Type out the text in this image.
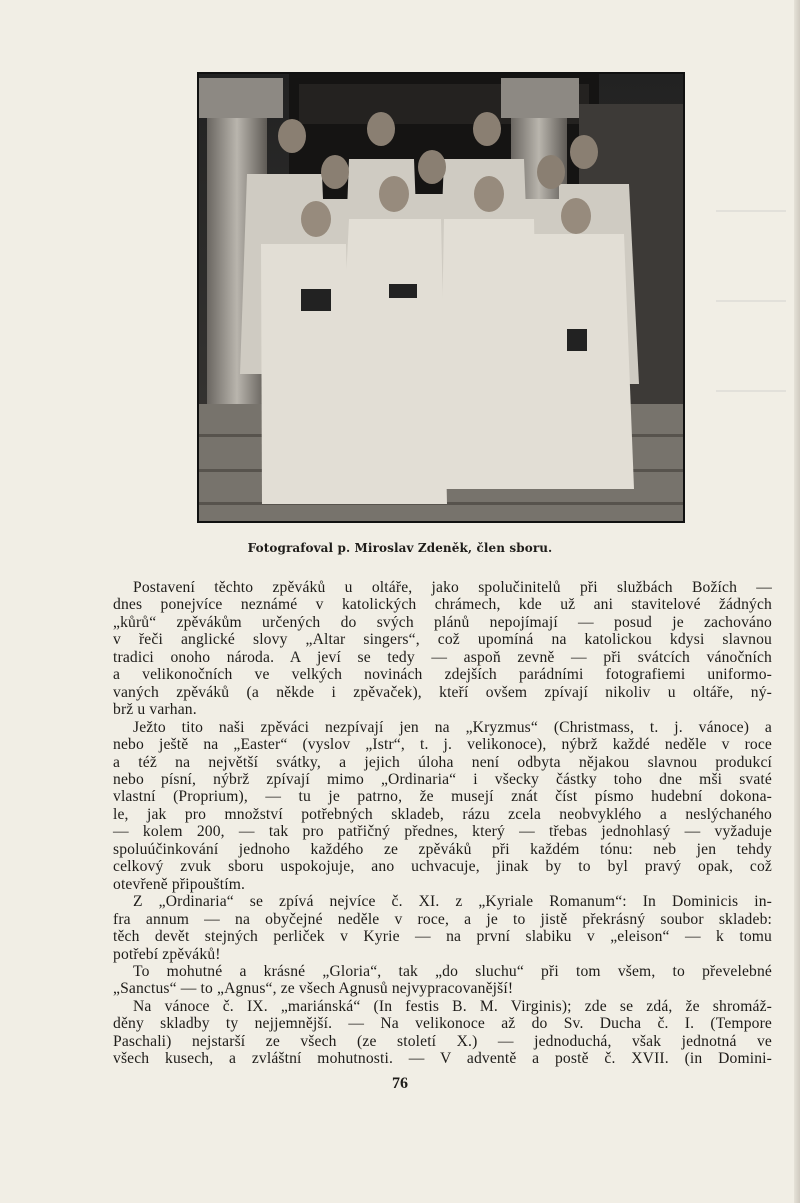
Fotografoval p. Miroslav Zdeněk, člen sboru.
Postavení těchto zpěváků u oltáře, jako spolučinitelů při službách Božích —
dnes ponejvíce neznámé v katolických chrámech, kde už ani stavitelové žádných
„kůrů“ zpěvákům určených do svých plánů nepojímají — posud je zachováno
v řeči anglické slovy „Altar singers“, což upomíná na katolickou kdysi slavnou
tradici onoho národa. A jeví se tedy — aspoň zevně — při svátcích vánočních
a velikonočních ve velkých novinách zdejších parádními fotografiemi uniformo-
vaných zpěváků (a někde i zpěvaček), kteří ovšem zpívají nikoliv u oltáře, ný-
brž u varhan.
Ježto tito naši zpěváci nezpívají jen na „Kryzmus“ (Christmass, t. j. vánoce) a
nebo ještě na „Easter“ (vyslov „Istr“, t. j. velikonoce), nýbrž každé neděle v roce
a též na největší svátky, a jejich úloha není odbyta nějakou slavnou produkcí
nebo písní, nýbrž zpívají mimo „Ordinaria“ i všecky částky toho dne mši svaté
vlastní (Proprium), — tu je patrno, že musejí znát číst písmo hudební dokona-
le, jak pro množství potřebných skladeb, rázu zcela neobvyklého a neslýchaného
— kolem 200, — tak pro patřičný přednes, který — třebas jednohlasý — vyžaduje
spoluúčinkování jednoho každého ze zpěváků při každém tónu: neb jen tehdy
celkový zvuk sboru uspokojuje, ano uchvacuje, jinak by to byl pravý opak, což
otevřeně připouštím.
Z „Ordinaria“ se zpívá nejvíce č. XI. z „Kyriale Romanum“: In Dominicis in-
fra annum — na obyčejné neděle v roce, a je to jistě překrásný soubor skladeb:
těch devět stejných perliček v Kyrie — na první slabiku v „eleison“ — k tomu
potřebí zpěváků!
To mohutné a krásné „Gloria“, tak „do sluchu“ při tom všem, to převelebné
„Sanctus“ — to „Agnus“, ze všech Agnusů nejvypracovanější!
Na vánoce č. IX. „mariánská“ (In festis B. M. Virginis); zde se zdá, že shromáž-
děny skladby ty nejjemnější. — Na velikonoce až do Sv. Ducha č. I. (Tempore
Paschali) nejstarší ze všech (ze století X.) — jednoduchá, však jednotná ve
všech kusech, a zvláštní mohutnosti. — V adventě a postě č. XVII. (in Domini-
76
